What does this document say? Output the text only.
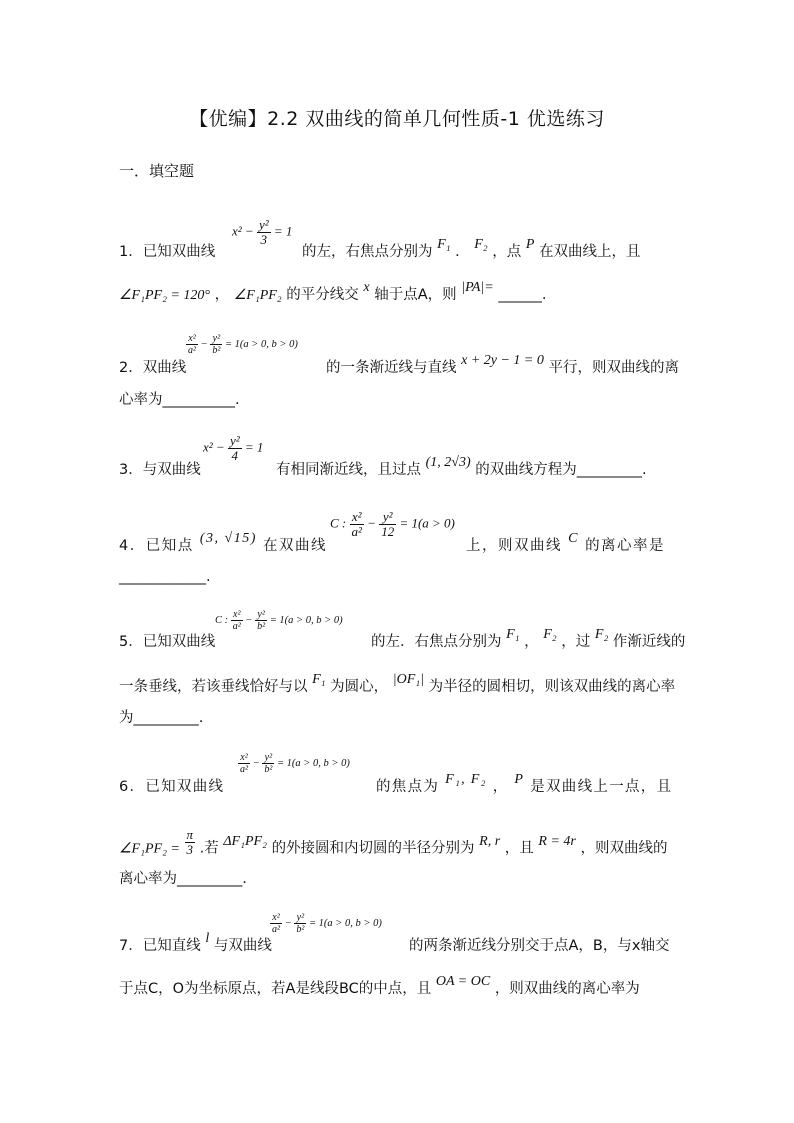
【优编】2.2 双曲线的简单几何性质-1 优选练习
一．填空题
1．已知双曲线
$x^2 - \frac{\text{y²}}{3} = 1$
的左，右焦点分别为 F₁ ． F₂ ，点 P 在双曲线上，且
∠F₁PF₂ = 120° ， ∠F₁PF₂ 的平分线交 x 轴于点A，则 |PA|= ______.
2．双曲线
$\frac{\text{x²}}{\text{a²}} - \frac{\text{y²}}{\text{b²}} = 1(a > 0$, b > 0)
的一条渐近线与直线 x + 2y − 1 = 0 平行，则双曲线的离
心率为__________.
3．与双曲线
$x^2 - \frac{\text{y²}}{4} = 1$
有相同渐近线，且过点 (1, 2√3) 的双曲线方程为_________.
4．已知点 (3, √15) 在双曲线
C : $\frac{\text{x²}}{\text{a²}} - \frac{\text{y²}}{12} = 1(a > 0)$
上，则双曲线 C 的离心率是
____________.
5．已知双曲线
C : $\frac{\text{x²}}{\text{a²}} - \frac{\text{y²}}{\text{b²}} = 1(a > 0$, b > 0)
的左．右焦点分别为 F₁ ， F₂ ，过 F₂ 作渐近线的
一条垂线，若该垂线恰好与以 F₁ 为圆心， |OF₁| 为半径的圆相切，则该双曲线的离心率
为_________.
6．已知双曲线
$\frac{\text{x²}}{\text{a²}} - \frac{\text{y²}}{\text{b²}} = 1(a > 0$, b > 0)
的焦点为 F₁, F₂ ， P 是双曲线上一点，且
∠F₁PF₂ = $\frac{\pi}{3}$ .若 ΔF₁PF₂ 的外接圆和内切圆的半径分别为 R, r ，且 R = 4r ，则双曲线的
离心率为_________.
7．已知直线 l 与双曲线
$\frac{\text{x²}}{\text{a²}} - \frac{\text{y²}}{\text{b²}} = 1(a > 0$, b > 0)
的两条渐近线分别交于点A，B，与x轴交
于点C，O为坐标原点，若A是线段BC的中点，且 OA = OC ，则双曲线的离心率为
